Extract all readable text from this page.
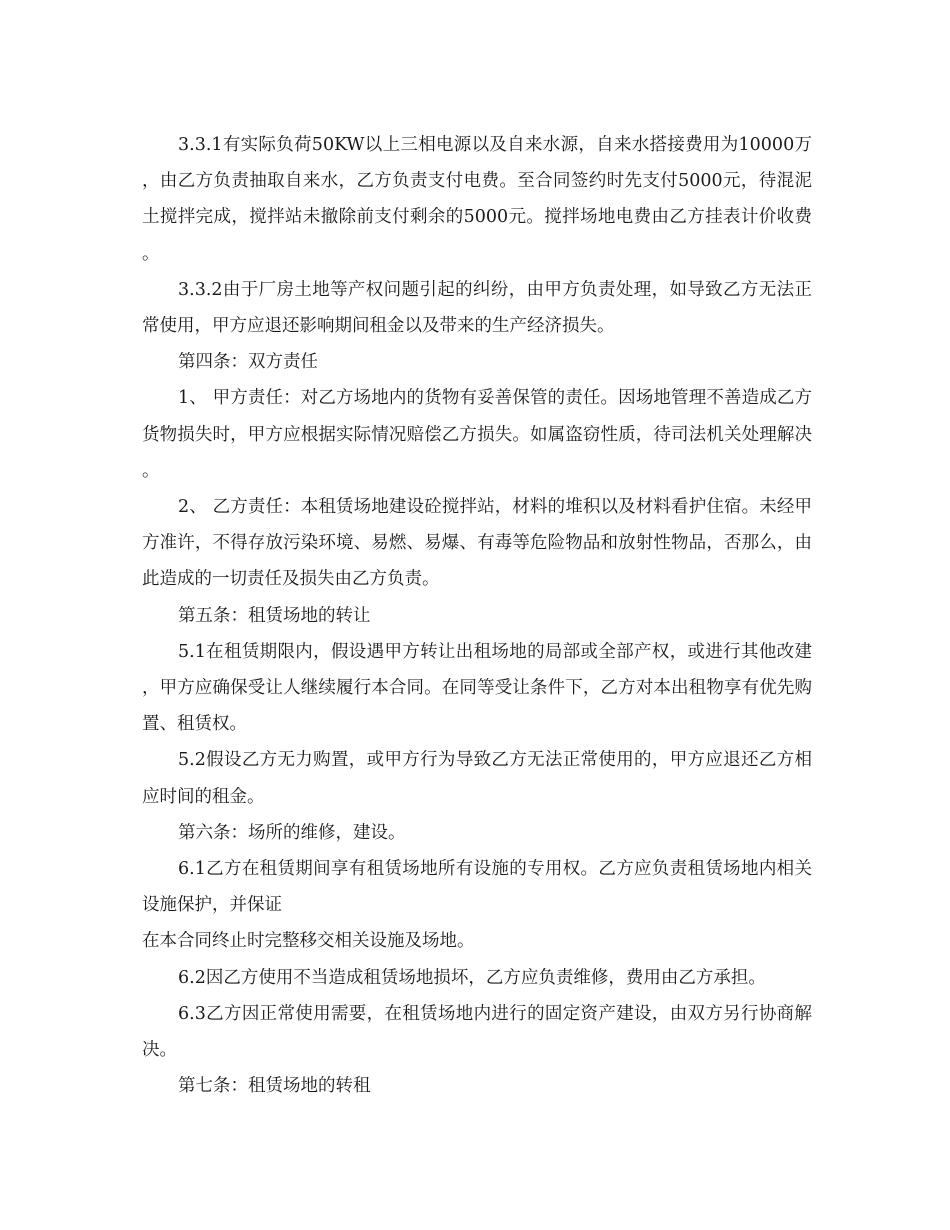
3.3.1有实际负荷50KW以上三相电源以及自来水源，自来水搭接费用为10000万，由乙方负责抽取自来水，乙方负责支付电费。至合同签约时先支付5000元，待混泥土搅拌完成，搅拌站未撤除前支付剩余的5000元。搅拌场地电费由乙方挂表计价收费。

3.3.2由于厂房土地等产权问题引起的纠纷，由甲方负责处理，如导致乙方无法正常使用，甲方应退还影响期间租金以及带来的生产经济损失。

第四条：双方责任

1、 甲方责任：对乙方场地内的货物有妥善保管的责任。因场地管理不善造成乙方货物损失时，甲方应根据实际情况赔偿乙方损失。如属盗窃性质，待司法机关处理解决。

2、 乙方责任：本租赁场地建设砼搅拌站，材料的堆积以及材料看护住宿。未经甲方准许，不得存放污染环境、易燃、易爆、有毒等危险物品和放射性物品，否那么，由此造成的一切责任及损失由乙方负责。

第五条：租赁场地的转让

5.1在租赁期限内，假设遇甲方转让出租场地的局部或全部产权，或进行其他改建，甲方应确保受让人继续履行本合同。在同等受让条件下，乙方对本出租物享有优先购置、租赁权。

5.2假设乙方无力购置，或甲方行为导致乙方无法正常使用的，甲方应退还乙方相应时间的租金。

第六条：场所的维修，建设。

6.1乙方在租赁期间享有租赁场地所有设施的专用权。乙方应负责租赁场地内相关设施保护，并保证

在本合同终止时完整移交相关设施及场地。

6.2因乙方使用不当造成租赁场地损坏，乙方应负责维修，费用由乙方承担。

6.3乙方因正常使用需要，在租赁场地内进行的固定资产建设，由双方另行协商解决。

第七条：租赁场地的转租
